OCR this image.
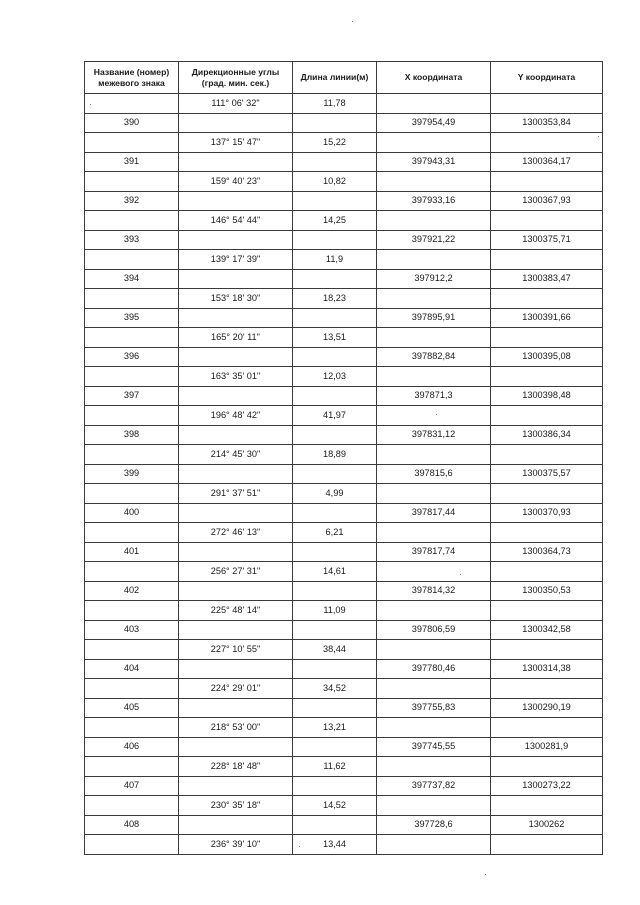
Название (номер) межевого знака	Дирекционные углы (град. мин. сек.)	Длина линии(м)	X координата	Y координата
	111° 06' 32"	11,78		
390			397954,49	1300353,84
	137° 15' 47"	15,22		
391			397943,31	1300364,17
	159° 40' 23"	10,82		
392			397933,16	1300367,93
	146° 54' 44"	14,25		
393			397921,22	1300375,71
	139° 17' 39"	11,9		
394			397912,2	1300383,47
	153° 18' 30"	18,23		
395			397895,91	1300391,66
	165° 20' 11"	13,51		
396			397882,84	1300395,08
	163° 35' 01"	12,03		
397			397871,3	1300398,48
	196° 48' 42"	41,97		
398			397831,12	1300386,34
	214° 45' 30"	18,89		
399			397815,6	1300375,57
	291° 37' 51"	4,99		
400			397817,44	1300370,93
	272° 46' 13"	6,21		
401			397817,74	1300364,73
	256° 27' 31"	14,61		
402			397814,32	1300350,53
	225° 48' 14"	11,09		
403			397806,59	1300342,58
	227° 10' 55"	38,44		
404			397780,46	1300314,38
	224° 29' 01"	34,52		
405			397755,83	1300290,19
	218° 53' 00"	13,21		
406			397745,55	1300281,9
	228° 18' 48"	11,62		
407			397737,82	1300273,22
	230° 35' 18"	14,52		
408			397728,6	1300262
	236° 39' 10"	13,44		
